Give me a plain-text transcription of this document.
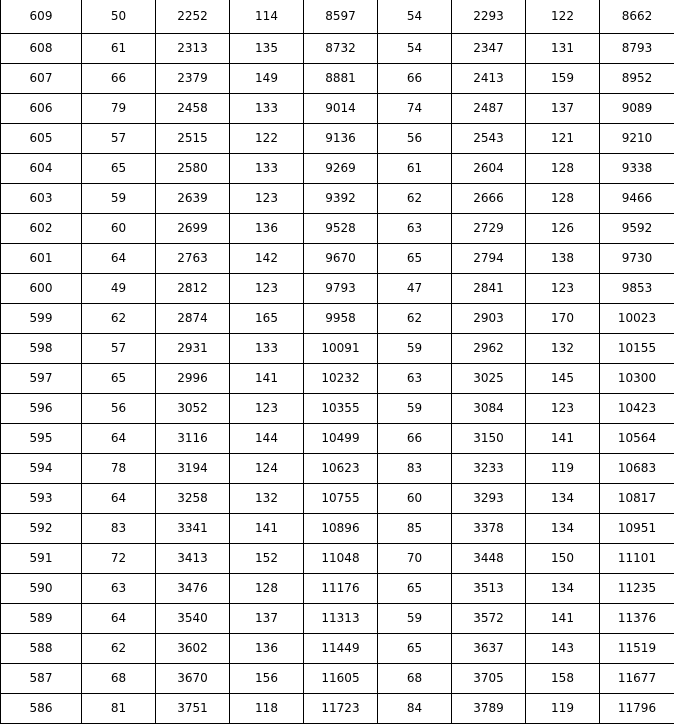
609	50	2252	114	8597	54	2293	122	8662
608	61	2313	135	8732	54	2347	131	8793
607	66	2379	149	8881	66	2413	159	8952
606	79	2458	133	9014	74	2487	137	9089
605	57	2515	122	9136	56	2543	121	9210
604	65	2580	133	9269	61	2604	128	9338
603	59	2639	123	9392	62	2666	128	9466
602	60	2699	136	9528	63	2729	126	9592
601	64	2763	142	9670	65	2794	138	9730
600	49	2812	123	9793	47	2841	123	9853
599	62	2874	165	9958	62	2903	170	10023
598	57	2931	133	10091	59	2962	132	10155
597	65	2996	141	10232	63	3025	145	10300
596	56	3052	123	10355	59	3084	123	10423
595	64	3116	144	10499	66	3150	141	10564
594	78	3194	124	10623	83	3233	119	10683
593	64	3258	132	10755	60	3293	134	10817
592	83	3341	141	10896	85	3378	134	10951
591	72	3413	152	11048	70	3448	150	11101
590	63	3476	128	11176	65	3513	134	11235
589	64	3540	137	11313	59	3572	141	11376
588	62	3602	136	11449	65	3637	143	11519
587	68	3670	156	11605	68	3705	158	11677
586	81	3751	118	11723	84	3789	119	11796
